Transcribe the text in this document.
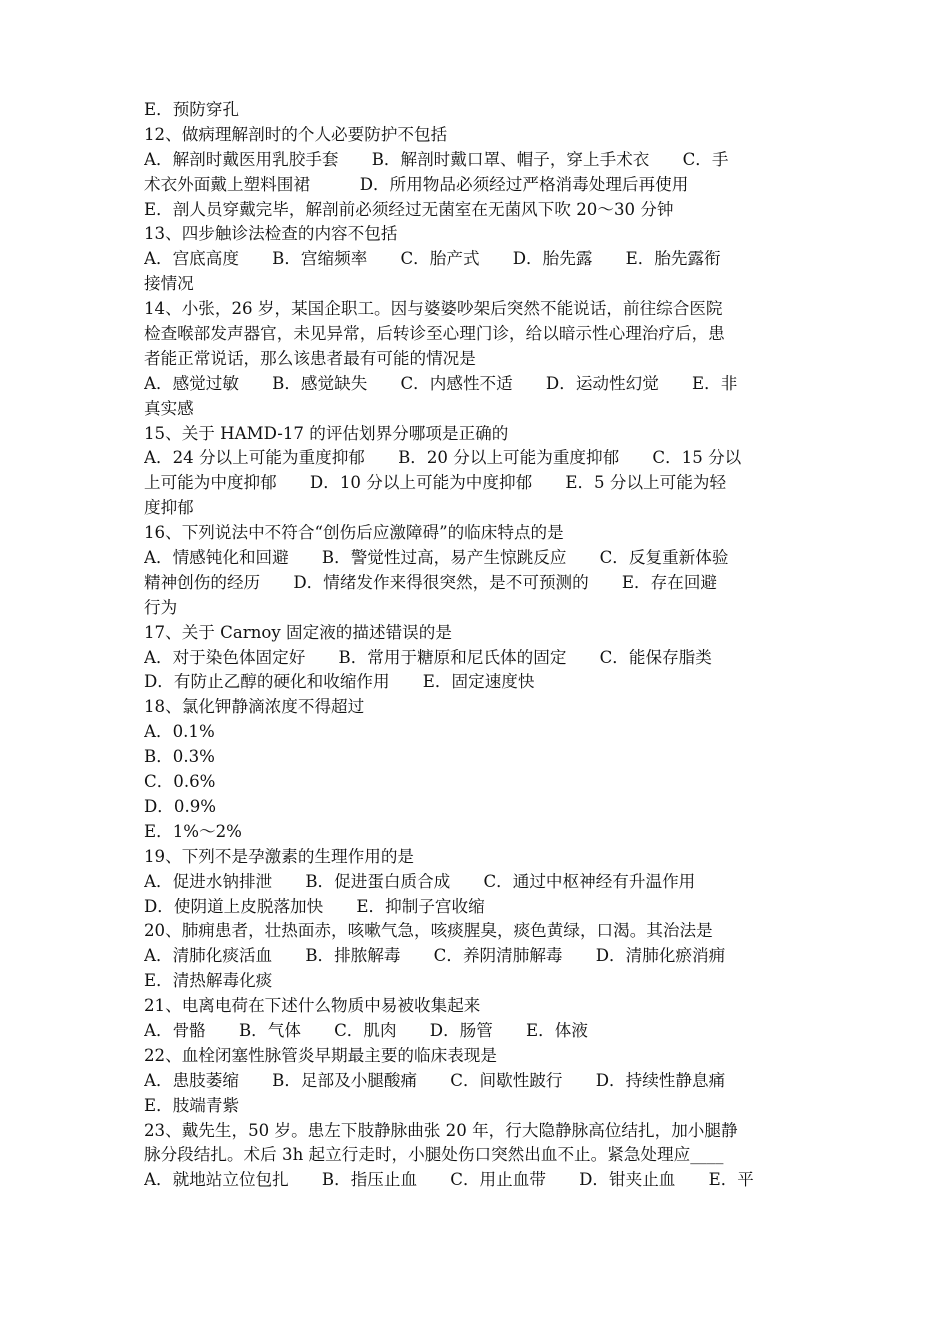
E．预防穿孔
12、做病理解剖时的个人必要防护不包括
A．解剖时戴医用乳胶手套　　B．解剖时戴口罩、帽子，穿上手术衣　　C．手
术衣外面戴上塑料围裙　　　D．所用物品必须经过严格消毒处理后再使用
E．剖人员穿戴完毕，解剖前必须经过无菌室在无菌风下吹 20～30 分钟
13、四步触诊法检查的内容不包括
A．宫底高度　　B．宫缩频率　　C．胎产式　　D．胎先露　　E．胎先露衔
接情况
14、小张，26 岁，某国企职工。因与婆婆吵架后突然不能说话，前往综合医院
检查喉部发声器官，未见异常，后转诊至心理门诊，给以暗示性心理治疗后，患
者能正常说话，那么该患者最有可能的情况是
A．感觉过敏　　B．感觉缺失　　C．内感性不适　　D．运动性幻觉　　E．非
真实感
15、关于 HAMD-17 的评估划界分哪项是正确的
A．24 分以上可能为重度抑郁　　B．20 分以上可能为重度抑郁　　C．15 分以
上可能为中度抑郁　　D．10 分以上可能为中度抑郁　　E．5 分以上可能为轻
度抑郁
16、下列说法中不符合“创伤后应激障碍”的临床特点的是
A．情感钝化和回避　　B．警觉性过高，易产生惊跳反应　　C．反复重新体验
精神创伤的经历　　D．情绪发作来得很突然，是不可预测的　　E．存在回避
行为
17、关于 Carnoy 固定液的描述错误的是
A．对于染色体固定好　　B．常用于糖原和尼氏体的固定　　C．能保存脂类
D．有防止乙醇的硬化和收缩作用　　E．固定速度快
18、氯化钾静滴浓度不得超过
A．0.1%
B．0.3%
C．0.6%
D．0.9%
E．1%～2%
19、下列不是孕激素的生理作用的是
A．促进水钠排泄　　B．促进蛋白质合成　　C．通过中枢神经有升温作用
D．使阴道上皮脱落加快　　E．抑制子宫收缩
20、肺痈患者，壮热面赤，咳嗽气急，咳痰腥臭，痰色黄绿，口渴。其治法是
A．清肺化痰活血　　B．排脓解毒　　C．养阴清肺解毒　　D．清肺化瘀消痈
E．清热解毒化痰
21、电离电荷在下述什么物质中易被收集起来
A．骨骼　　B．气体　　C．肌肉　　D．肠管　　E．体液
22、血栓闭塞性脉管炎早期最主要的临床表现是
A．患肢萎缩　　B．足部及小腿酸痛　　C．间歇性跛行　　D．持续性静息痛
E．肢端青紫
23、戴先生，50 岁。患左下肢静脉曲张 20 年，行大隐静脉高位结扎，加小腿静
脉分段结扎。术后 3h 起立行走时，小腿处伤口突然出血不止。紧急处理应____
A．就地站立位包扎　　B．指压止血　　C．用止血带　　D．钳夹止血　　E．平
